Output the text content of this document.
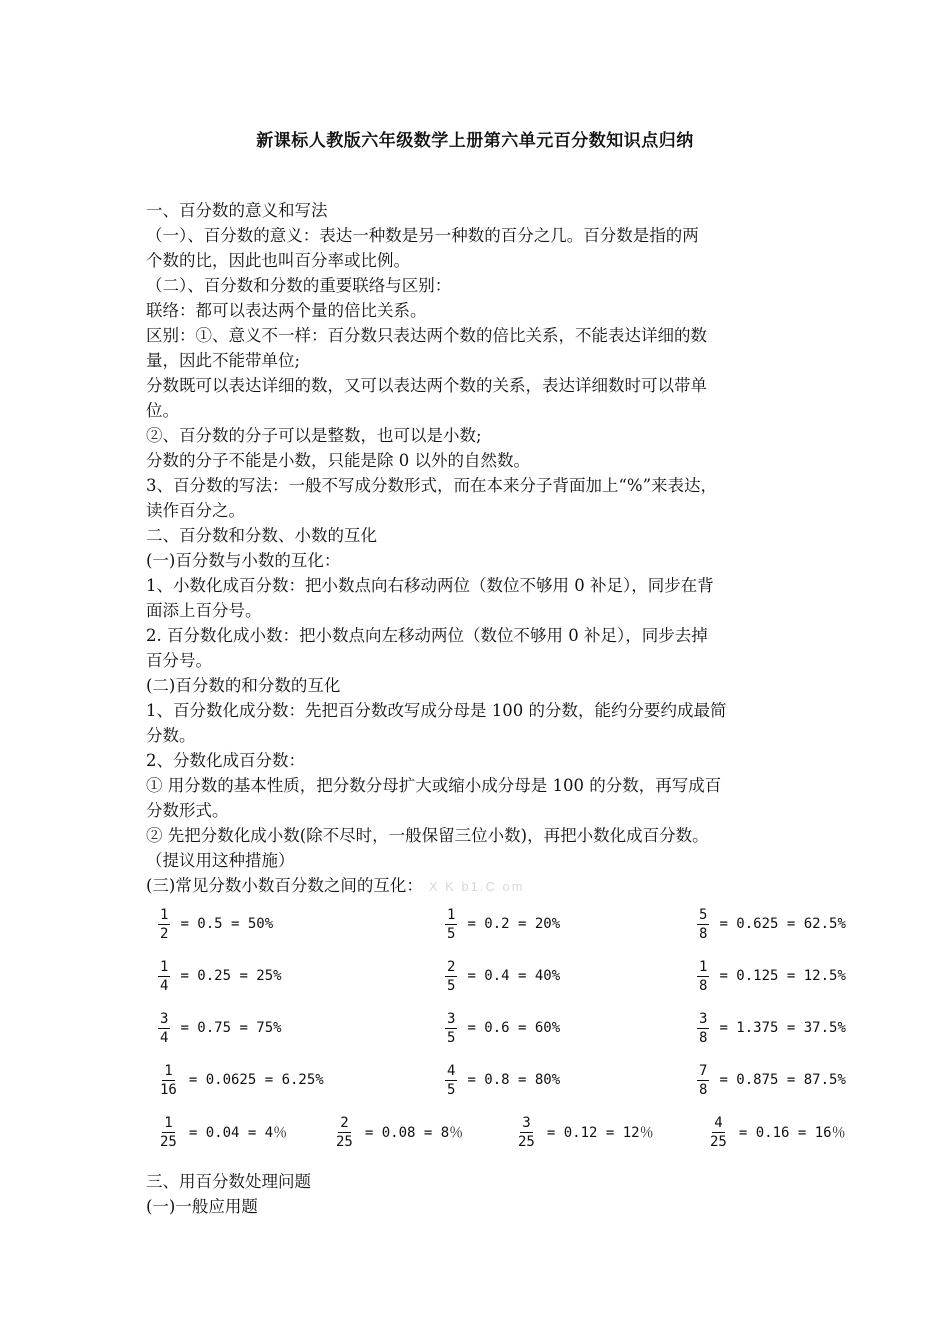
新课标人教版六年级数学上册第六单元百分数知识点归纳
一、百分数的意义和写法
（一）、百分数的意义：表达一种数是另一种数的百分之几。百分数是指的两
个数的比，因此也叫百分率或比例。
（二）、百分数和分数的重要联络与区别：
联络：都可以表达两个量的倍比关系。
区别：①、意义不一样：百分数只表达两个数的倍比关系，不能表达详细的数
量，因此不能带单位;
分数既可以表达详细的数，又可以表达两个数的关系，表达详细数时可以带单
位。
②、百分数的分子可以是整数，也可以是小数;
分数的分子不能是小数，只能是除 0 以外的自然数。
3、百分数的写法：一般不写成分数形式，而在本来分子背面加上“%”来表达，
读作百分之。
二、百分数和分数、小数的互化
(一)百分数与小数的互化：
1、小数化成百分数：把小数点向右移动两位（数位不够用 0 补足），同步在背
面添上百分号。
2. 百分数化成小数：把小数点向左移动两位（数位不够用 0 补足），同步去掉
百分号。
(二)百分数的和分数的互化
1、百分数化成分数：先把百分数改写成分母是 100 的分数，能约分要约成最简
分数。
2、分数化成百分数：
① 用分数的基本性质，把分数分母扩大或缩小成分母是 100 的分数，再写成百
分数形式。
② 先把分数化成小数(除不尽时，一般保留三位小数)，再把小数化成百分数。
（提议用这种措施）
(三)常见分数小数百分数之间的互化： X K b1.C om
$\frac{1}{2} = 0.5 = 50\%$	$\frac{1}{5} = 0.2 = 20\%$	$\frac{5}{8} = 0.625 = 62.5\%$
$\frac{1}{4} = 0.25 = 25\%$	$\frac{2}{5} = 0.4 = 40\%$	$\frac{1}{8} = 0.125 = 12.5\%$
$\frac{3}{4} = 0.75 = 75\%$	$\frac{3}{5} = 0.6 = 60\%$	$\frac{3}{8} = 1.375 = 37.5\%$
$\frac{1}{16} = 0.0625 = 6.25\%$	$\frac{4}{5} = 0.8 = 80\%$	$\frac{7}{8} = 0.875 = 87.5\%$
$\frac{1}{25} = 0.04 = 4$％	$\frac{2}{25} = 0.08 = 8$％	$\frac{3}{25} = 0.12 = 12$％	$\frac{4}{25} = 0.16 = 16$％
三、用百分数处理问题
(一)一般应用题
